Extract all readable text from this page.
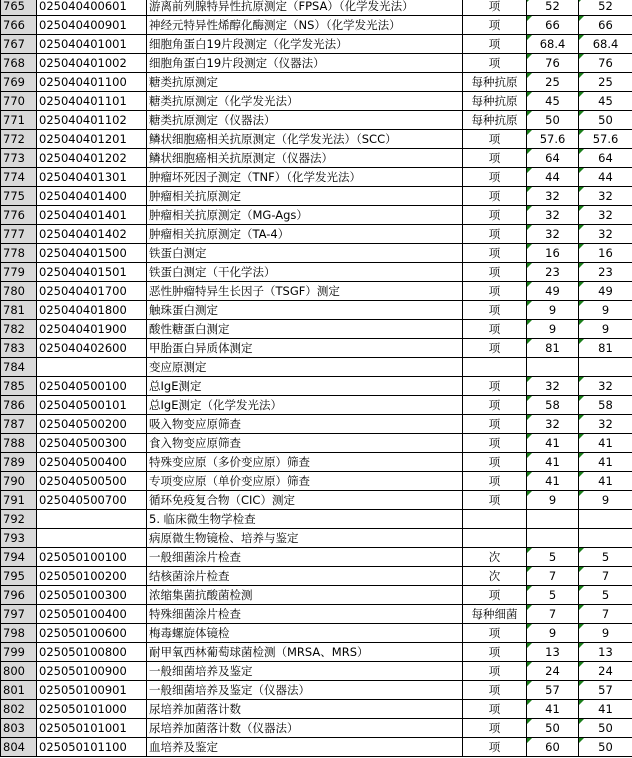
765	025040400601	游离前列腺特异性抗原测定（FPSA）（化学发光法）	项	52	52
766	025040400901	神经元特异性烯醇化酶测定（NS）（化学发光法）	项	66	66
767	025040401001	细胞角蛋白19片段测定（化学发光法）	项	68.4	68.4
768	025040401002	细胞角蛋白19片段测定（仪器法）	项	76	76
769	025040401100	糖类抗原测定	每种抗原	25	25
770	025040401101	糖类抗原测定（化学发光法）	每种抗原	45	45
771	025040401102	糖类抗原测定（仪器法）	每种抗原	50	50
772	025040401201	鳞状细胞癌相关抗原测定（化学发光法）（SCC）	项	57.6	57.6
773	025040401202	鳞状细胞癌相关抗原测定（仪器法）	项	64	64
774	025040401301	肿瘤坏死因子测定（TNF）（化学发光法）	项	44	44
775	025040401400	肿瘤相关抗原测定	项	32	32
776	025040401401	肿瘤相关抗原测定（MG-Ags）	项	32	32
777	025040401402	肿瘤相关抗原测定（TA-4）	项	32	32
778	025040401500	铁蛋白测定	项	16	16
779	025040401501	铁蛋白测定（干化学法）	项	23	23
780	025040401700	恶性肿瘤特异生长因子（TSGF）测定	项	49	49
781	025040401800	触珠蛋白测定	项	9	9
782	025040401900	酸性糖蛋白测定	项	9	9
783	025040402600	甲胎蛋白异质体测定	项	81	81
784		变应原测定			
785	025040500100	总IgE测定	项	32	32
786	025040500101	总IgE测定（化学发光法）	项	58	58
787	025040500200	吸入物变应原筛查	项	32	32
788	025040500300	食入物变应原筛查	项	41	41
789	025040500400	特殊变应原（多价变应原）筛查	项	41	41
790	025040500500	专项变应原（单价变应原）筛查	项	41	41
791	025040500700	循环免疫复合物（CIC）测定	项	9	9
792		5. 临床微生物学检查			
793		病原微生物镜检、培养与鉴定			
794	025050100100	一般细菌涂片检查	次	5	5
795	025050100200	结核菌涂片检查	次	7	7
796	025050100300	浓缩集菌抗酸菌检测	项	5	5
797	025050100400	特殊细菌涂片检查	每种细菌	7	7
798	025050100600	梅毒螺旋体镜检	项	9	9
799	025050100800	耐甲氧西林葡萄球菌检测（MRSA、MRS）	项	13	13
800	025050100900	一般细菌培养及鉴定	项	24	24
801	025050100901	一般细菌培养及鉴定（仪器法）	项	57	57
802	025050101000	尿培养加菌落计数	项	41	41
803	025050101001	尿培养加菌落计数（仪器法）	项	50	50
804	025050101100	血培养及鉴定	项	60	50
